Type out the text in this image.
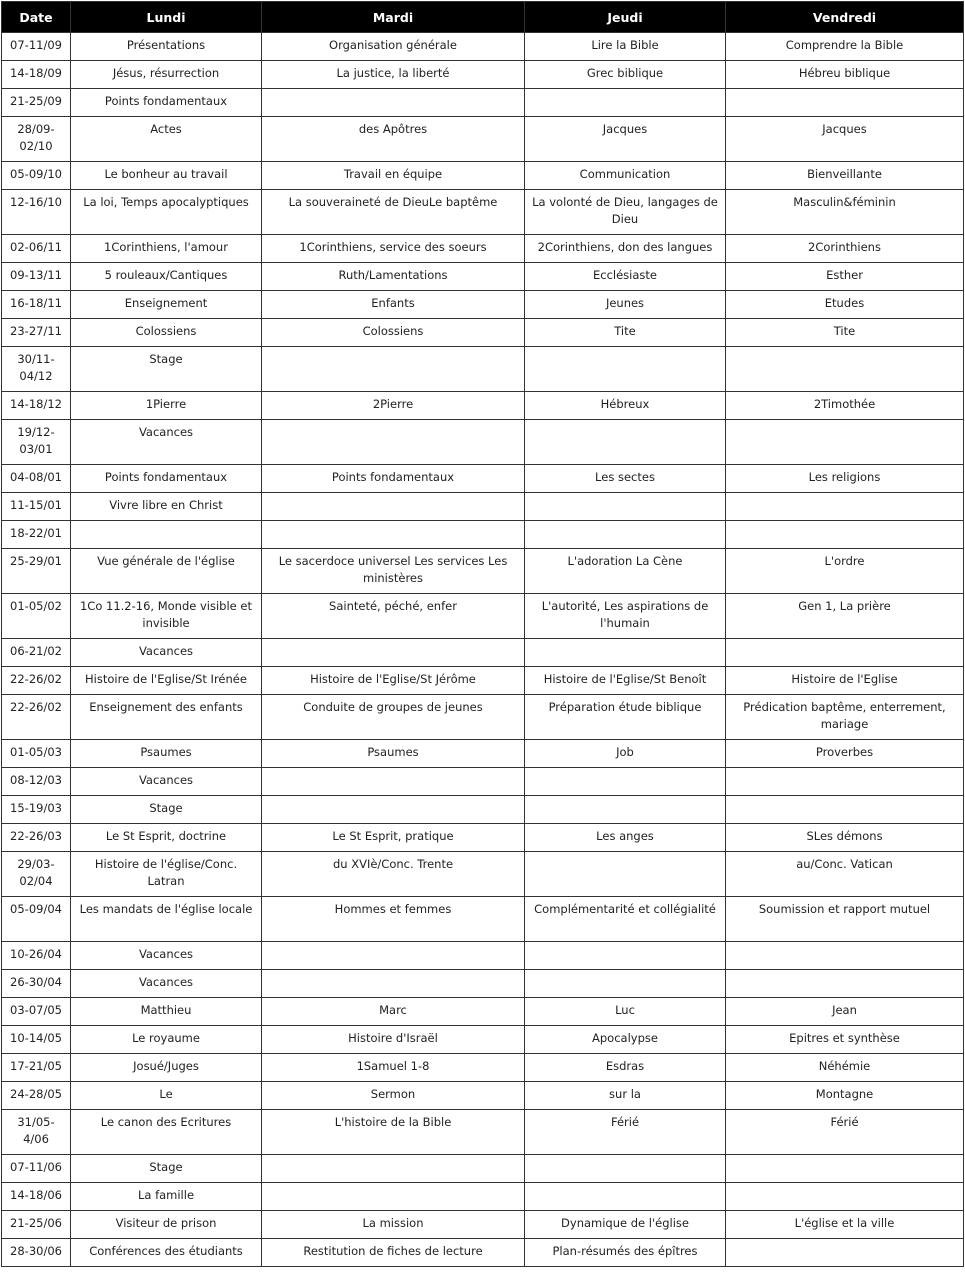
Date	Lundi	Mardi	Jeudi	Vendredi
07-11/09	Présentations	Organisation générale	Lire la Bible	Comprendre la Bible
14-18/09	Jésus, résurrection	La justice, la liberté	Grec biblique	Hébreu biblique
21-25/09	Points fondamentaux			
28/09-02/10	Actes	des Apôtres	Jacques	Jacques
05-09/10	Le bonheur au travail	Travail en équipe	Communication	Bienveillante
12-16/10	La loi, Temps apocalyptiques	La souveraineté de DieuLe baptême	La volonté de Dieu, langages de Dieu	Masculin&féminin
02-06/11	1Corinthiens, l'amour	1Corinthiens, service des soeurs	2Corinthiens, don des langues	2Corinthiens
09-13/11	5 rouleaux/Cantiques	Ruth/Lamentations	Ecclésiaste	Esther
16-18/11	Enseignement	Enfants	Jeunes	Etudes
23-27/11	Colossiens	Colossiens	Tite	Tite
30/11-04/12	Stage			
14-18/12	1Pierre	2Pierre	Hébreux	2Timothée
19/12-03/01	Vacances			
04-08/01	Points fondamentaux	Points fondamentaux	Les sectes	Les religions
11-15/01	Vivre libre en Christ			
18-22/01				
25-29/01	Vue générale de l'église	Le sacerdoce universel Les services Les ministères	L'adoration La Cène	L'ordre
01-05/02	1Co 11.2-16, Monde visible et invisible	Sainteté, péché, enfer	L'autorité, Les aspirations de l'humain	Gen 1, La prière
06-21/02	Vacances			
22-26/02	Histoire de l'Eglise/St Irénée	Histoire de l'Eglise/St Jérôme	Histoire de l'Eglise/St Benoît	Histoire de l'Eglise
22-26/02	Enseignement des enfants	Conduite de groupes de jeunes	Préparation étude biblique	Prédication baptême, enterrement, mariage
01-05/03	Psaumes	Psaumes	Job	Proverbes
08-12/03	Vacances			
15-19/03	Stage			
22-26/03	Le St Esprit, doctrine	Le St Esprit, pratique	Les anges	SLes démons
29/03-02/04	Histoire de l'église/Conc. Latran	du XVIè/Conc. Trente		au/Conc. Vatican
05-09/04	Les mandats de l'église locale	Hommes et femmes	Complémentarité et collégialité	Soumission et rapport mutuel
10-26/04	Vacances			
26-30/04	Vacances			
03-07/05	Matthieu	Marc	Luc	Jean
10-14/05	Le royaume	Histoire d'Israël	Apocalypse	Epitres et synthèse
17-21/05	Josué/Juges	1Samuel 1-8	Esdras	Néhémie
24-28/05	Le	Sermon	sur la	Montagne
31/05-4/06	Le canon des Ecritures	L'histoire de la Bible	Férié	Férié
07-11/06	Stage			
14-18/06	La famille			
21-25/06	Visiteur de prison	La mission	Dynamique de l'église	L'église et la ville
28-30/06	Conférences des étudiants	Restitution de fiches de lecture	Plan-résumés des épîtres	
